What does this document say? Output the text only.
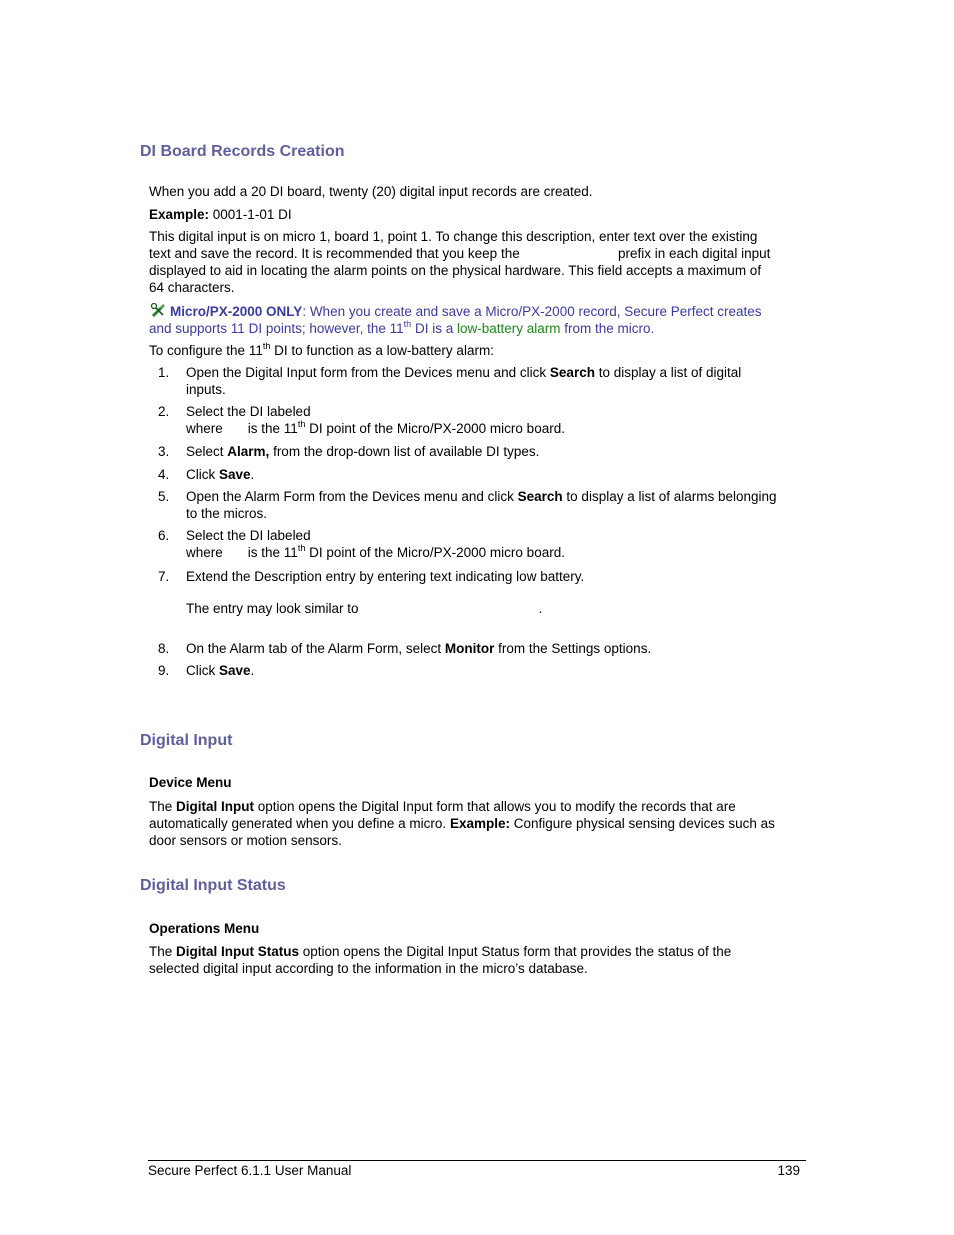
DI Board Records Creation

When you add a 20 DI board, twenty (20) digital input records are created.

Example: 0001-1-01 DI

This digital input is on micro 1, board 1, point 1. To change this description, enter text over the existing
text and save the record. It is recommended that you keep the	prefix in each digital input
displayed to aid in locating the alarm points on the physical hardware. This field accepts a maximum of
64 characters.
Micro/PX-2000 ONLY: When you create and save a Micro/PX-2000 record, Secure Perfect creates
and supports 11 DI points; however, the 11th DI is a low-battery alarm from the micro.

To configure the 11th DI to function as a low-battery alarm:

1.	Open the Digital Input form from the Devices menu and click Search to display a list of digital
inputs.
2.	Select the DI labeled
where is the 11th DI point of the Micro/PX-2000 micro board.
3.	Select Alarm, from the drop-down list of available DI types.
4.	Click Save.
5.	Open the Alarm Form from the Devices menu and click Search to display a list of alarms belonging
to the micros.
6.	Select the DI labeled
where is the 11th DI point of the Micro/PX-2000 micro board.
7.	Extend the Description entry by entering text indicating low battery.

The entry may look similar to	.
8.	On the Alarm tab of the Alarm Form, select Monitor from the Settings options.
9.	Click Save.
Digital Input

Device Menu

The Digital Input option opens the Digital Input form that allows you to modify the records that are
automatically generated when you define a micro. Example: Configure physical sensing devices such as
door sensors or motion sensors.
Digital Input Status

Operations Menu

The Digital Input Status option opens the Digital Input Status form that provides the status of the
selected digital input according to the information in the micro’s database.
Secure Perfect 6.1.1 User Manual	139
